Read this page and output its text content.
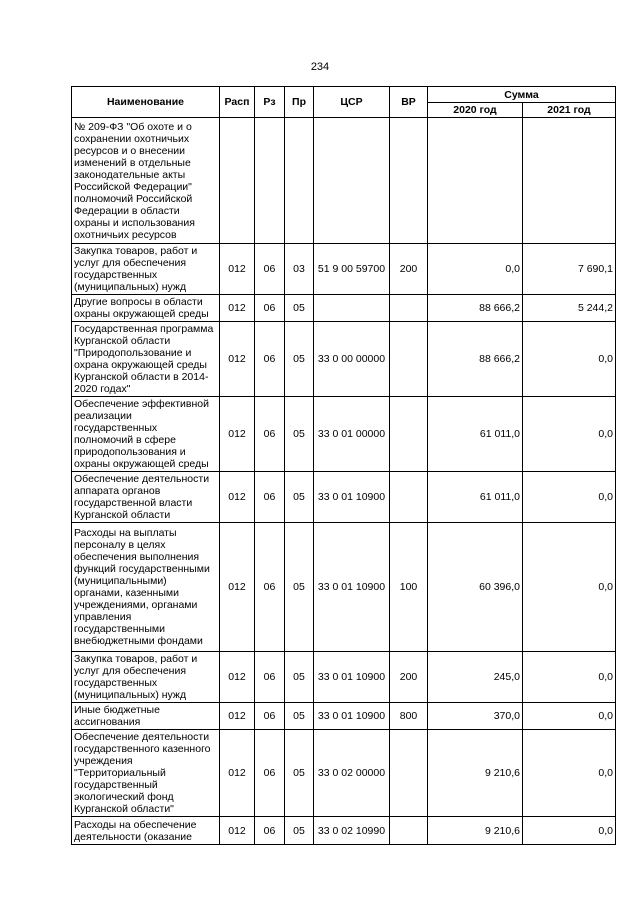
234
Наименование	Расп	Рз	Пр	ЦСР	ВР	Сумма	
						2020 год	2021 год
№ 209-ФЗ "Об охоте и о сохранении охотничьих ресурсов и о внесении изменений в отдельные законодательные акты Российской Федерации" полномочий Российской Федерации в области охраны и использования охотничьих ресурсов							
Закупка товаров, работ и услуг для обеспечения государственных (муниципальных) нужд	012	06	03	51 9 00 59700	200	0,0	7 690,1
Другие вопросы в области охраны окружающей среды	012	06	05			88 666,2	5 244,2
Государственная программа Курганской области "Природопользование и охрана окружающей среды Курганской области в 2014-2020 годах"	012	06	05	33 0 00 00000		88 666,2	0,0
Обеспечение эффективной реализации государственных полномочий в сфере природопользования и охраны окружающей среды	012	06	05	33 0 01 00000		61 011,0	0,0
Обеспечение деятельности аппарата органов государственной власти Курганской области	012	06	05	33 0 01 10900		61 011,0	0,0
Расходы на выплаты персоналу в целях обеспечения выполнения функций государственными (муниципальными) органами, казенными учреждениями, органами управления государственными внебюджетными фондами	012	06	05	33 0 01 10900	100	60 396,0	0,0
Закупка товаров, работ и услуг для обеспечения государственных (муниципальных) нужд	012	06	05	33 0 01 10900	200	245,0	0,0
Иные бюджетные ассигнования	012	06	05	33 0 01 10900	800	370,0	0,0
Обеспечение деятельности государственного казенного учреждения "Территориальный государственный экологический фонд Курганской области"	012	06	05	33 0 02 00000		9 210,6	0,0
Расходы на обеспечение деятельности (оказание	012	06	05	33 0 02 10990		9 210,6	0,0
